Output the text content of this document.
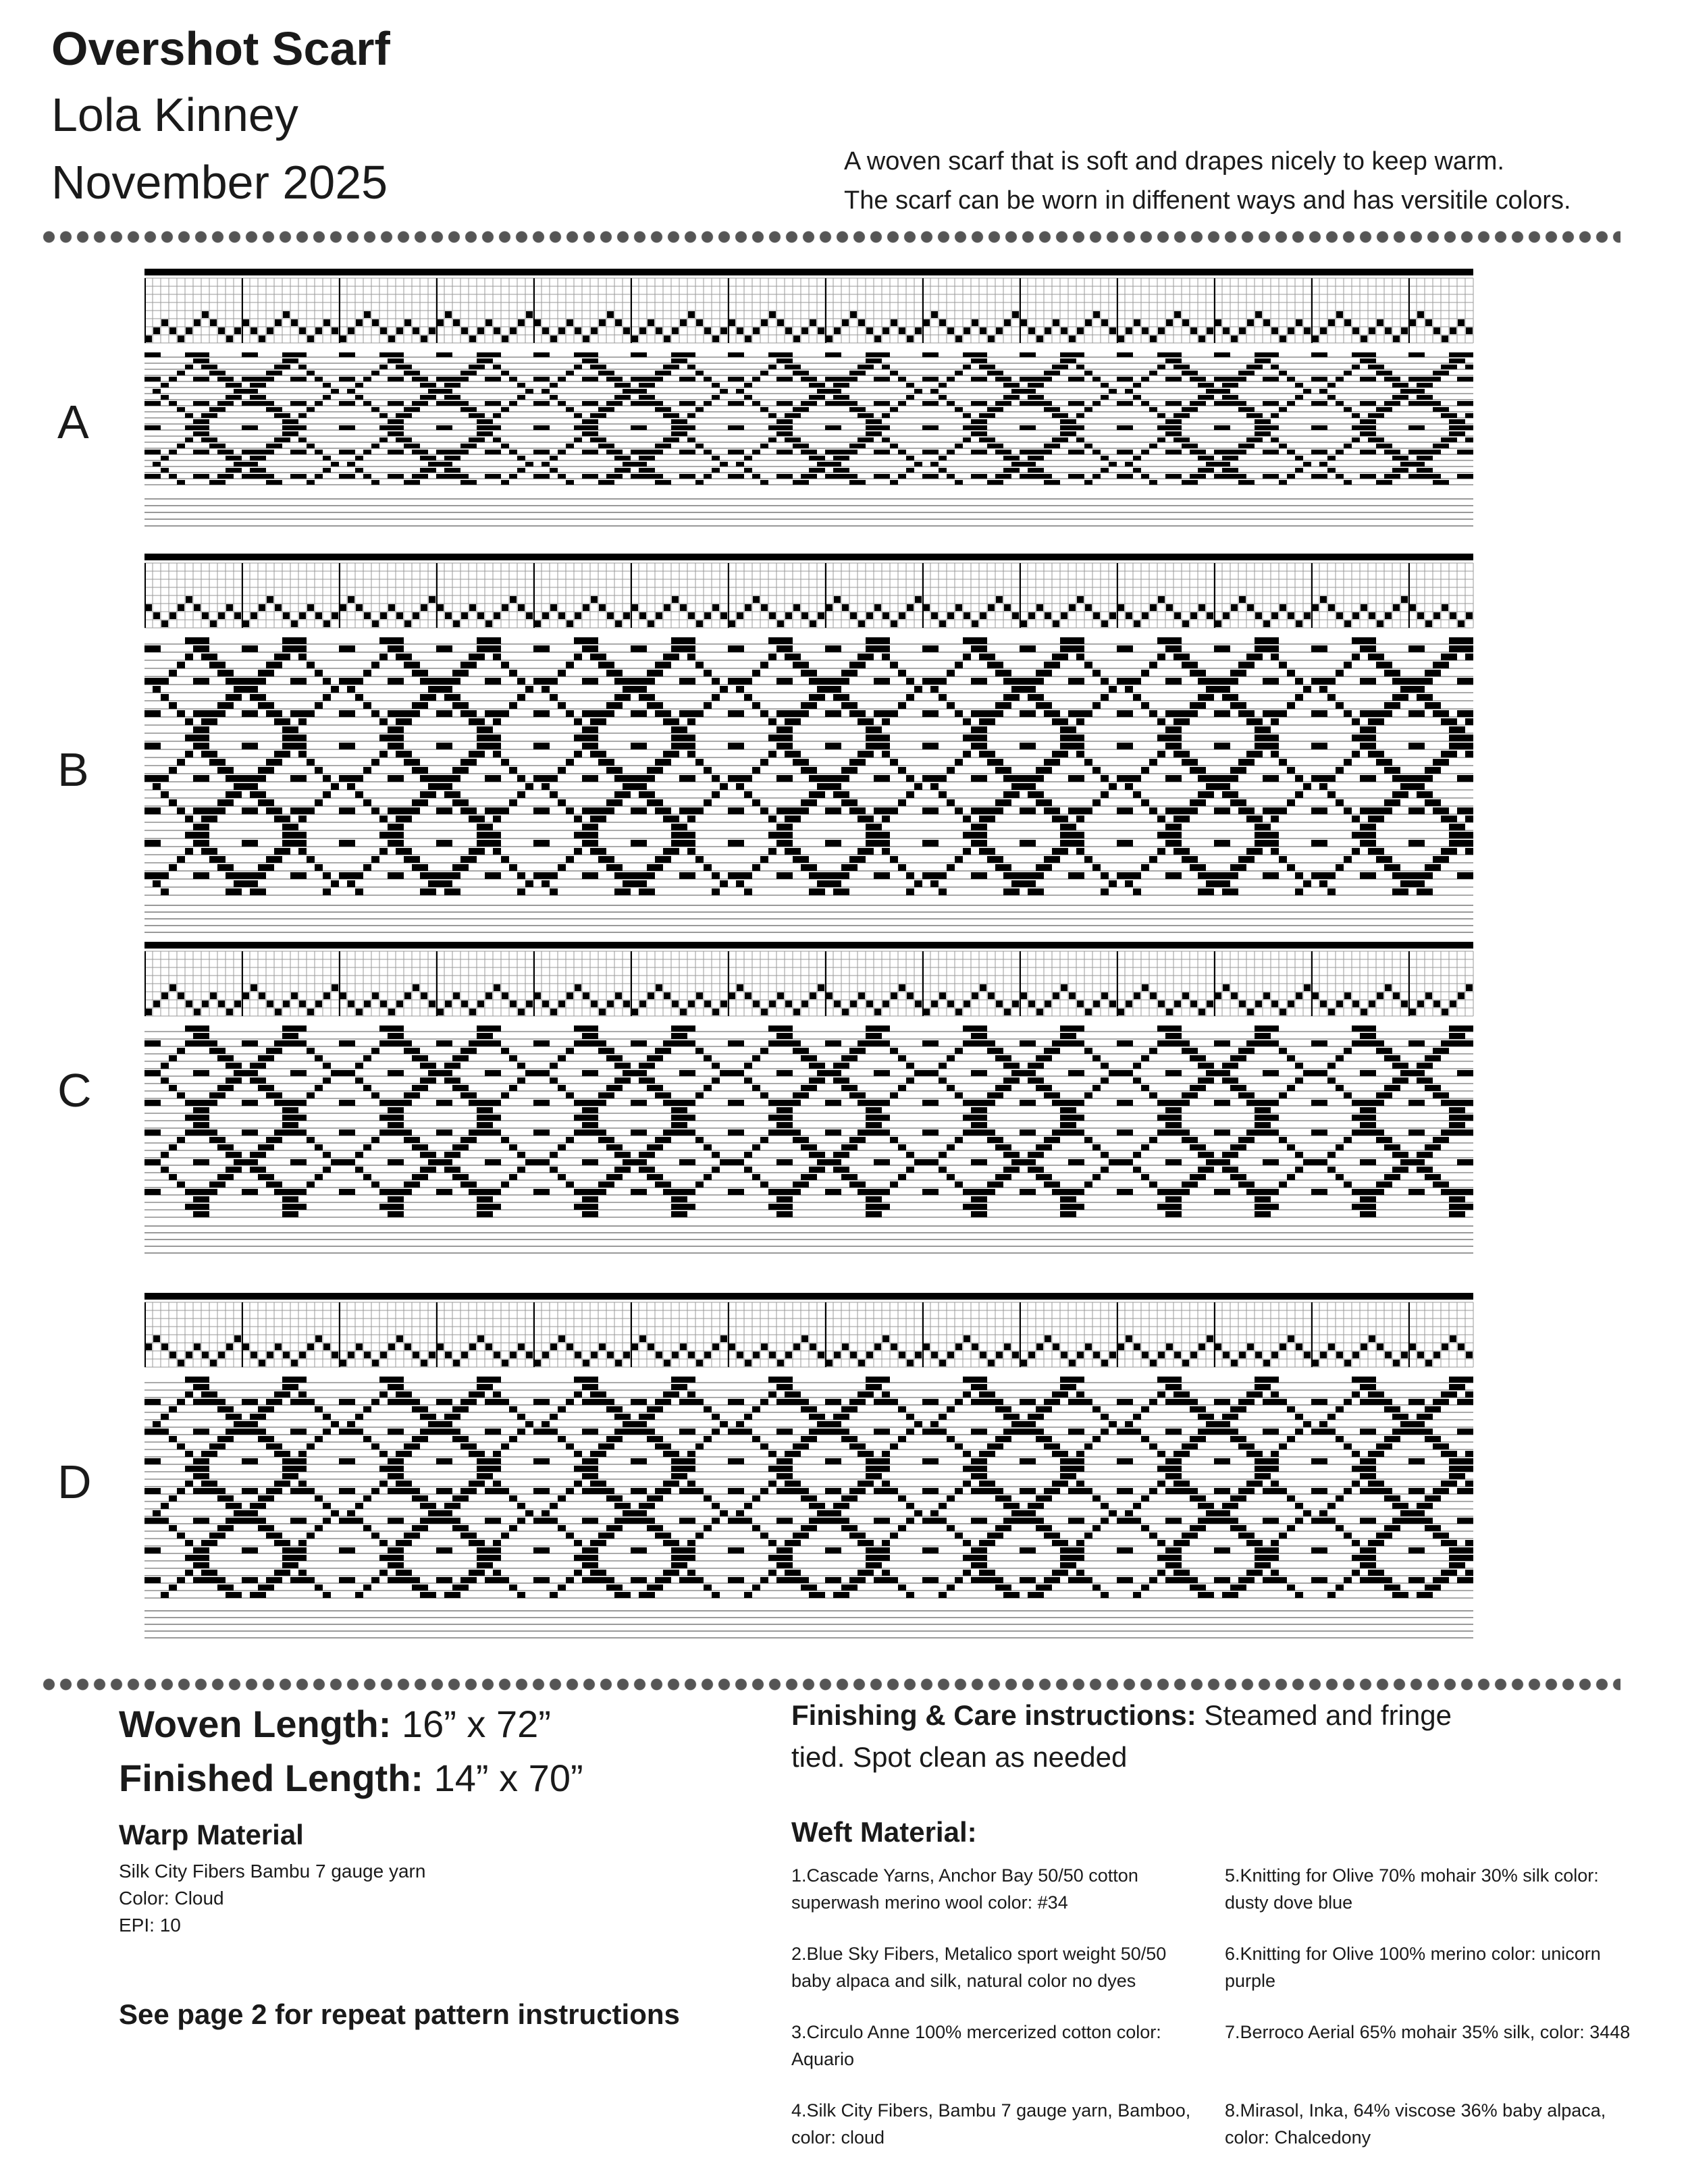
Overshot Scarf
Lola Kinney
November 2025	A woven scarf that is soft and drapes nicely to keep warm.
The scarf can be worn in diffenent ways and has versitile colors.
A
B
C
D
Woven Length: 16” x 72”
Finished Length: 14” x 70”
Warp Material
Silk City Fibers Bambu 7 gauge yarn
Color: Cloud
EPI: 10
See page 2 for repeat pattern instructions
Finishing & Care instructions: Steamed and fringe tied. Spot clean as needed
Weft Material:
1.Cascade Yarns, Anchor Bay 50/50 cotton superwash merino wool color: #34
2.Blue Sky Fibers, Metalico sport weight 50/50 baby alpaca and silk, natural color no dyes
3.Circulo Anne 100% mercerized cotton color: Aquario
4.Silk City Fibers, Bambu 7 gauge yarn, Bamboo, color: cloud
5.Knitting for Olive 70% mohair 30% silk color: dusty dove blue
6.Knitting for Olive 100% merino color: unicorn purple
7.Berroco Aerial 65% mohair 35% silk, color: 3448
8.Mirasol, Inka, 64% viscose 36% baby alpaca, color: Chalcedony
